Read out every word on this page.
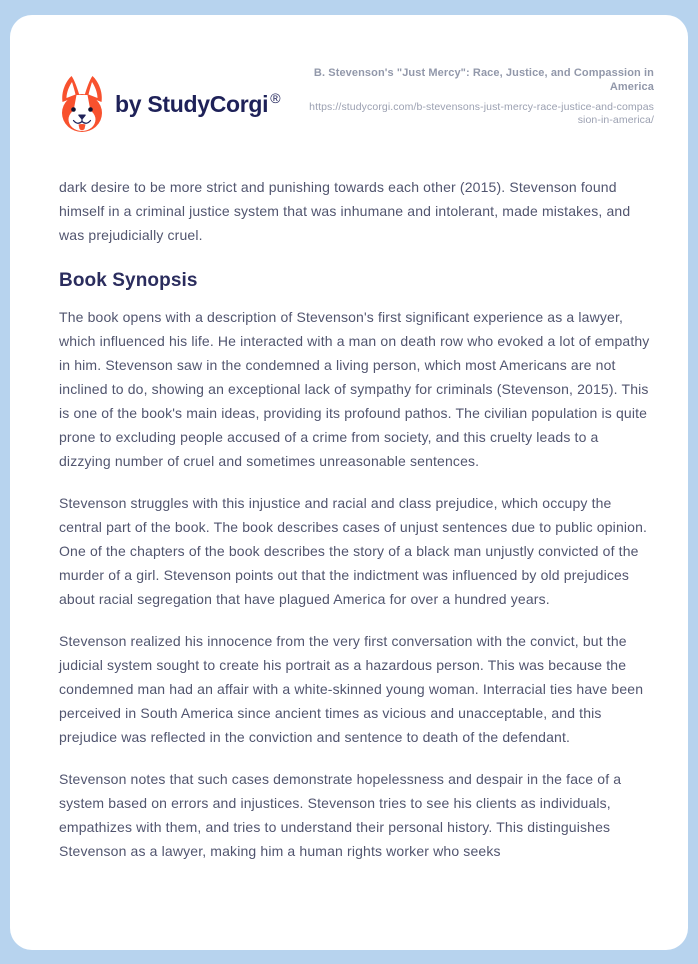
by StudyCorgi ®
B. Stevenson's "Just Mercy": Race, Justice, and Compassion in America
https://studycorgi.com/b-stevensons-just-mercy-race-justice-and-compassion-in-america/

dark desire to be more strict and punishing towards each other (2015). Stevenson found himself in a criminal justice system that was inhumane and intolerant, made mistakes, and was prejudicially cruel.

Book Synopsis

The book opens with a description of Stevenson's first significant experience as a lawyer, which influenced his life. He interacted with a man on death row who evoked a lot of empathy in him. Stevenson saw in the condemned a living person, which most Americans are not inclined to do, showing an exceptional lack of sympathy for criminals (Stevenson, 2015). This is one of the book's main ideas, providing its profound pathos. The civilian population is quite prone to excluding people accused of a crime from society, and this cruelty leads to a dizzying number of cruel and sometimes unreasonable sentences.

Stevenson struggles with this injustice and racial and class prejudice, which occupy the central part of the book. The book describes cases of unjust sentences due to public opinion. One of the chapters of the book describes the story of a black man unjustly convicted of the murder of a girl. Stevenson points out that the indictment was influenced by old prejudices about racial segregation that have plagued America for over a hundred years.

Stevenson realized his innocence from the very first conversation with the convict, but the judicial system sought to create his portrait as a hazardous person. This was because the condemned man had an affair with a white-skinned young woman. Interracial ties have been perceived in South America since ancient times as vicious and unacceptable, and this prejudice was reflected in the conviction and sentence to death of the defendant.

Stevenson notes that such cases demonstrate hopelessness and despair in the face of a system based on errors and injustices. Stevenson tries to see his clients as individuals, empathizes with them, and tries to understand their personal history. This distinguishes Stevenson as a lawyer, making him a human rights worker who seeks
